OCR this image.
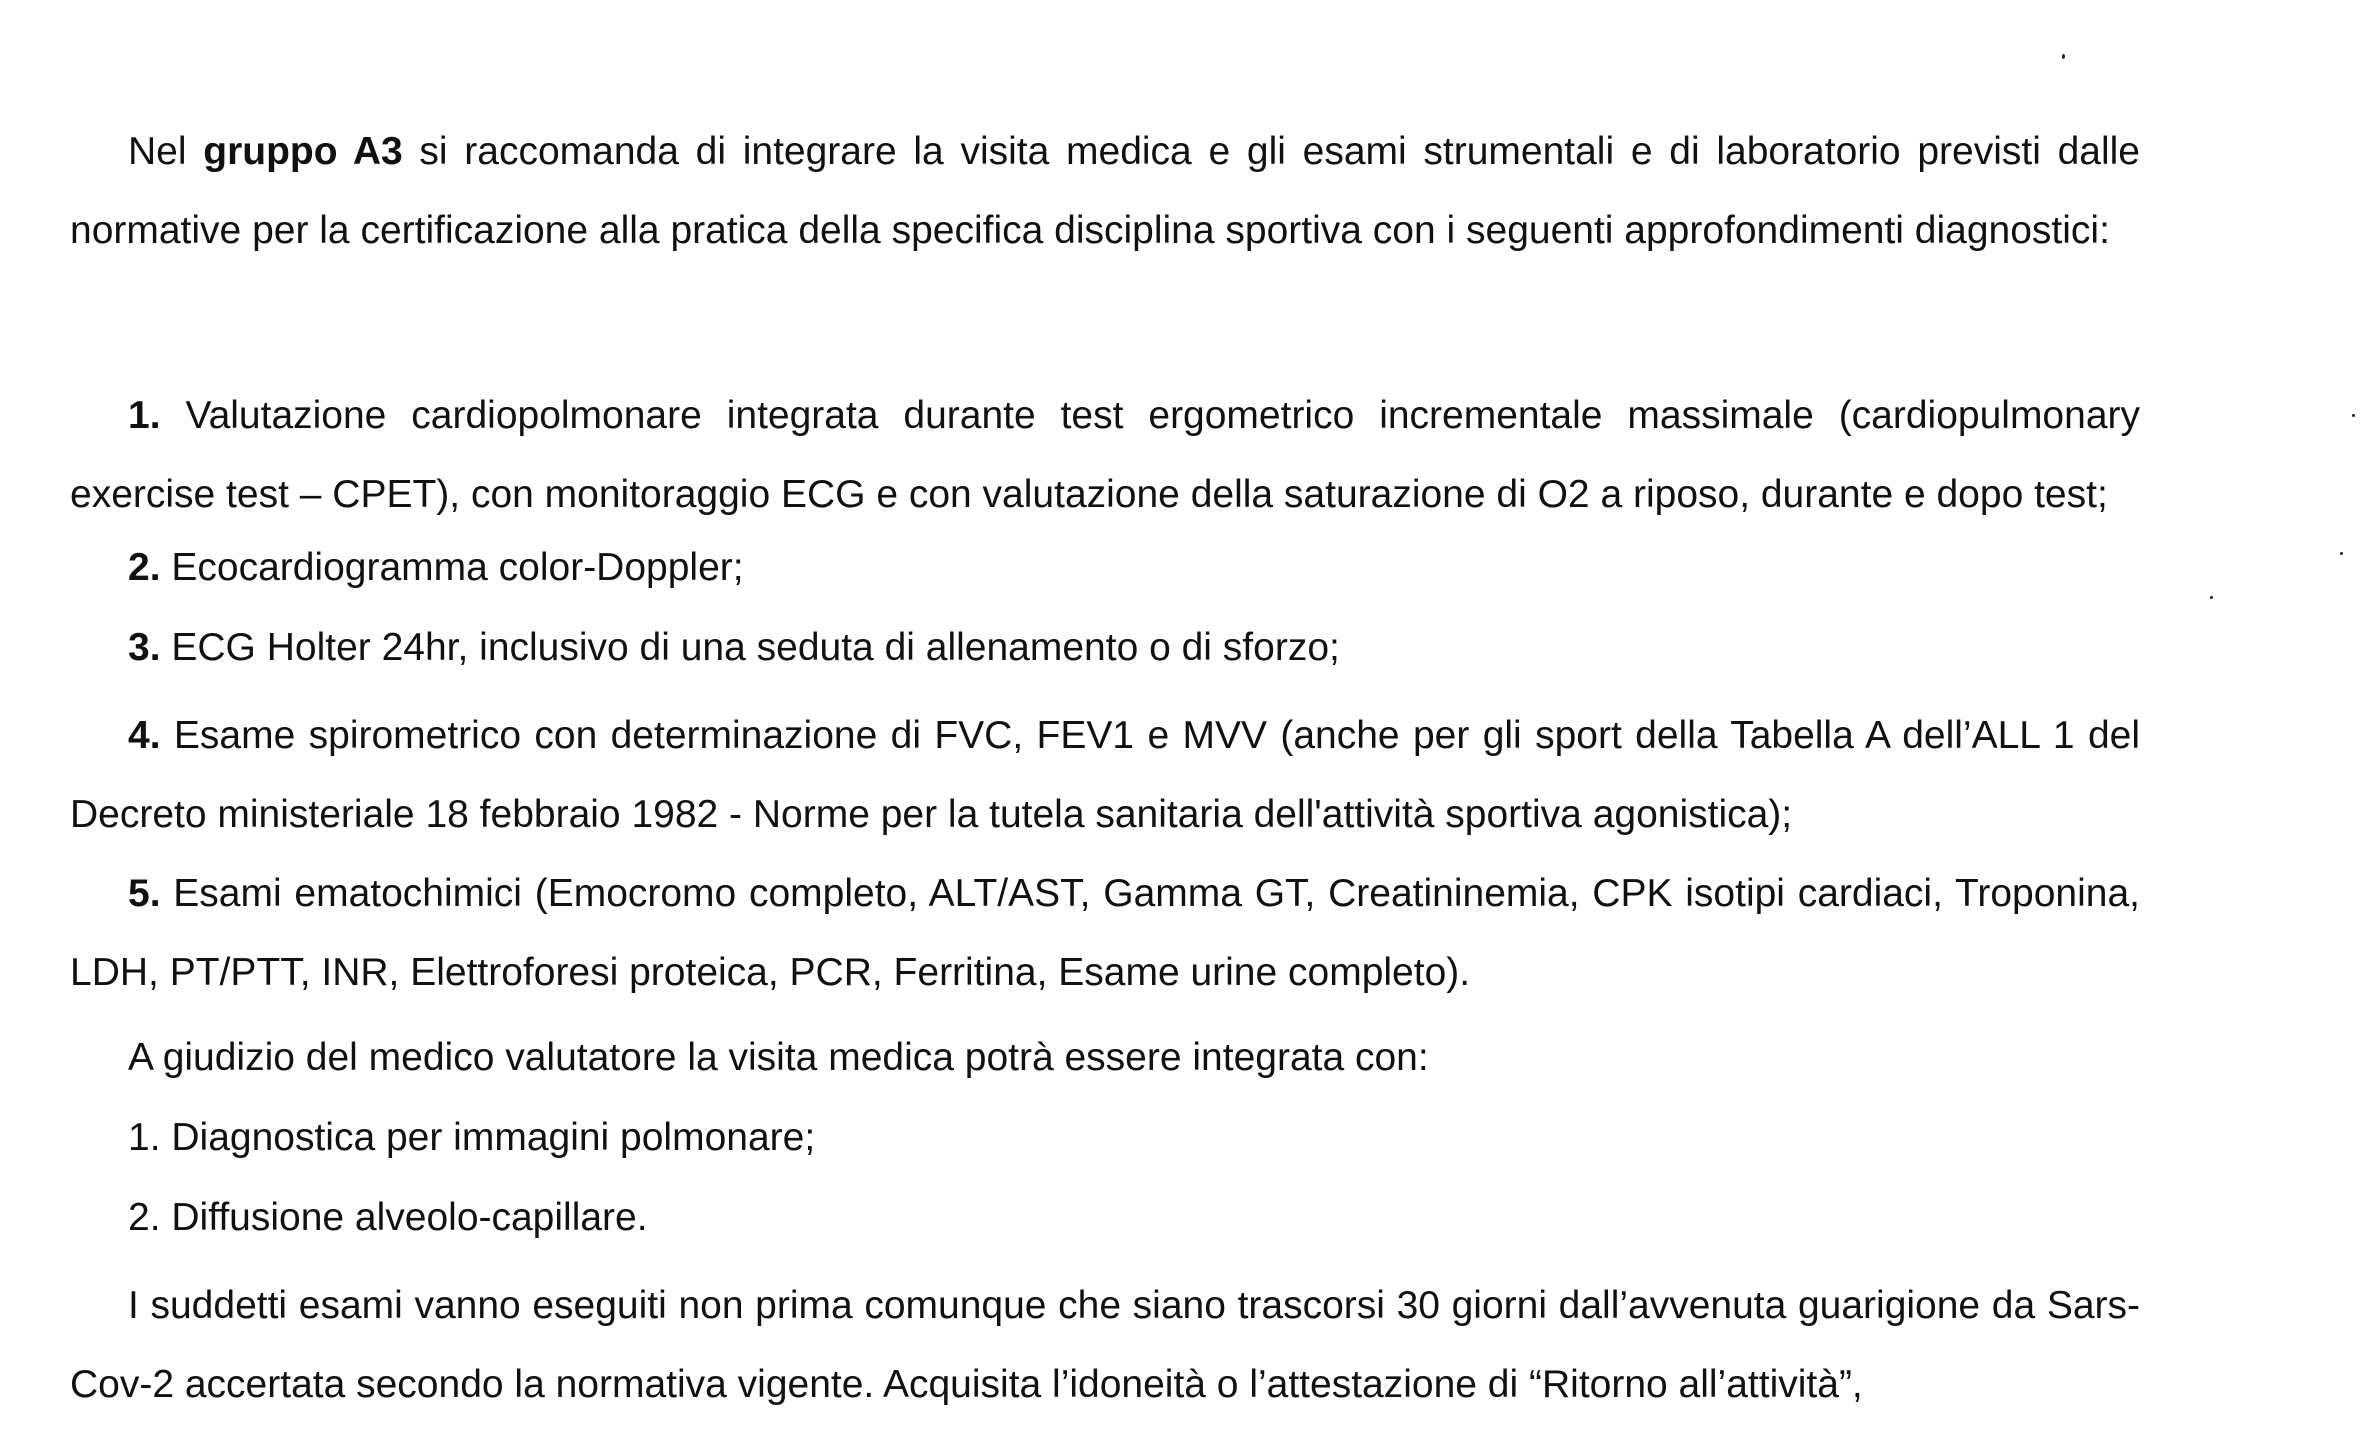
Nel gruppo A3 si raccomanda di integrare la visita medica e gli esami strumentali e di laboratorio previsti dalle normative per la certificazione alla pratica della specifica disciplina sportiva con i seguenti approfondimenti diagnostici:
1. Valutazione cardiopolmonare integrata durante test ergometrico incrementale massimale (cardiopulmonary exercise test – CPET), con monitoraggio ECG e con valutazione della saturazione di O2 a riposo, durante e dopo test;
2. Ecocardiogramma color-Doppler;
3. ECG Holter 24hr, inclusivo di una seduta di allenamento o di sforzo;
4. Esame spirometrico con determinazione di FVC, FEV1 e MVV (anche per gli sport della Tabella A dell’ALL 1 del Decreto ministeriale 18 febbraio 1982 - Norme per la tutela sanitaria dell'attività sportiva agonistica);
5. Esami ematochimici (Emocromo completo, ALT/AST, Gamma GT, Creatininemia, CPK isotipi cardiaci, Troponina, LDH, PT/PTT, INR, Elettroforesi proteica, PCR, Ferritina, Esame urine completo).
A giudizio del medico valutatore la visita medica potrà essere integrata con:
1. Diagnostica per immagini polmonare;
2. Diffusione alveolo-capillare.
I suddetti esami vanno eseguiti non prima comunque che siano trascorsi 30 giorni dall’avvenuta guarigione da Sars-Cov-2 accertata secondo la normativa vigente. Acquisita l’idoneità o l’attestazione di “Ritorno all’attività”,
